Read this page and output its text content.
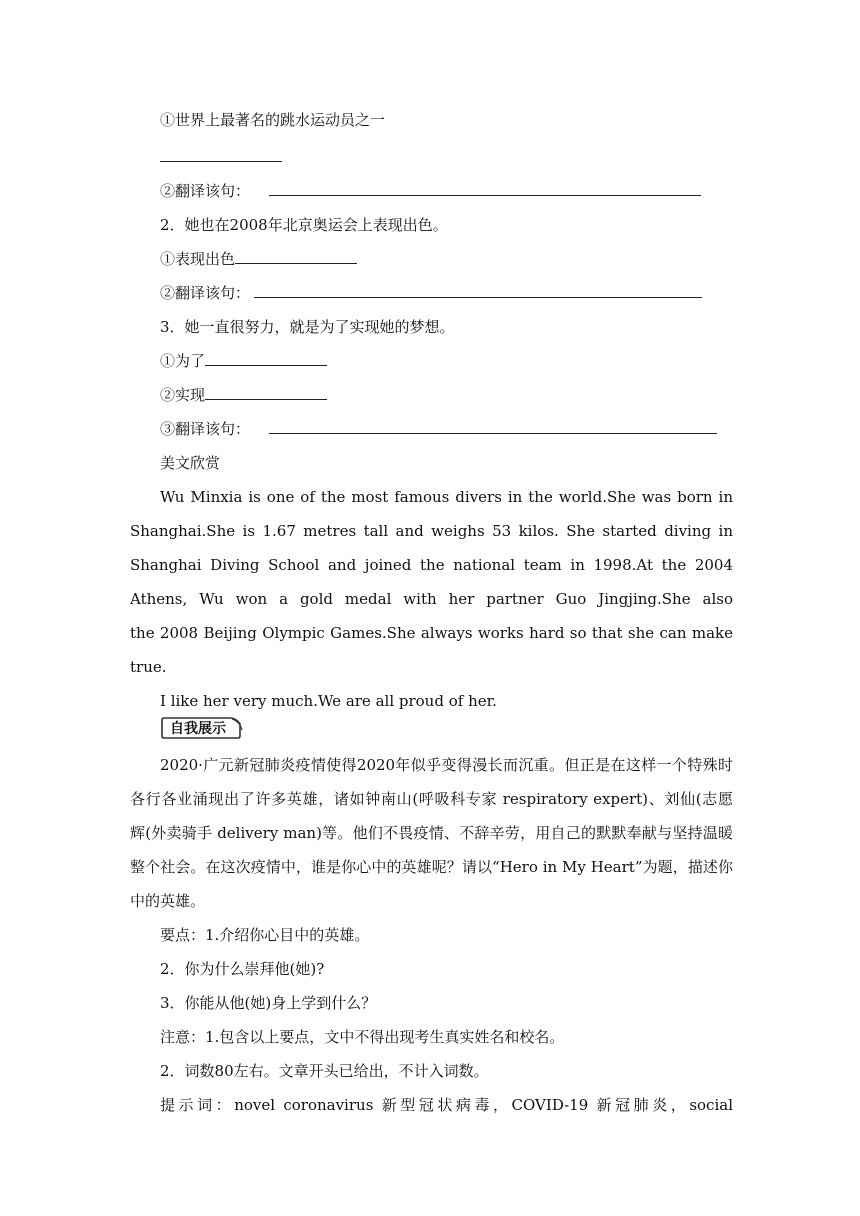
①世界上最著名的跳水运动员之一
②翻译该句：
2．她也在2008年北京奥运会上表现出色。
①表现出色
②翻译该句：
3．她一直很努力，就是为了实现她的梦想。
①为了
②实现
③翻译该句：
美文欣赏
Wu Minxia is one of the most famous divers in the world.She was born in
Shanghai.She is 1.67 metres tall and weighs 53 kilos. She started diving in
Shanghai Diving School and joined the national team in 1998.At the 2004
Athens, Wu won a gold medal with her partner Guo Jingjing.She also
the 2008 Beijing Olympic Games.She always works hard so that she can make
true.
I like her very much.We are all proud of her.
自我展示
2020·广元新冠肺炎疫情使得2020年似乎变得漫长而沉重。但正是在这样一个特殊时
各行各业涌现出了许多英雄，诸如钟南山(呼吸科专家 respiratory expert)、刘仙(志愿
辉(外卖骑手 delivery man)等。他们不畏疫情、不辞辛劳，用自己的默默奉献与坚持温暖
整个社会。在这次疫情中，谁是你心中的英雄呢？请以“Hero in My Heart”为题，描述你
中的英雄。
要点：1.介绍你心目中的英雄。
2．你为什么崇拜他(她)?
3．你能从他(她)身上学到什么？
注意：1.包含以上要点，文中不得出现考生真实姓名和校名。
2．词数80左右。文章开头已给出，不计入词数。
提示词：novel coronavirus 新型冠状病毒，COVID-19 新冠肺炎，social
